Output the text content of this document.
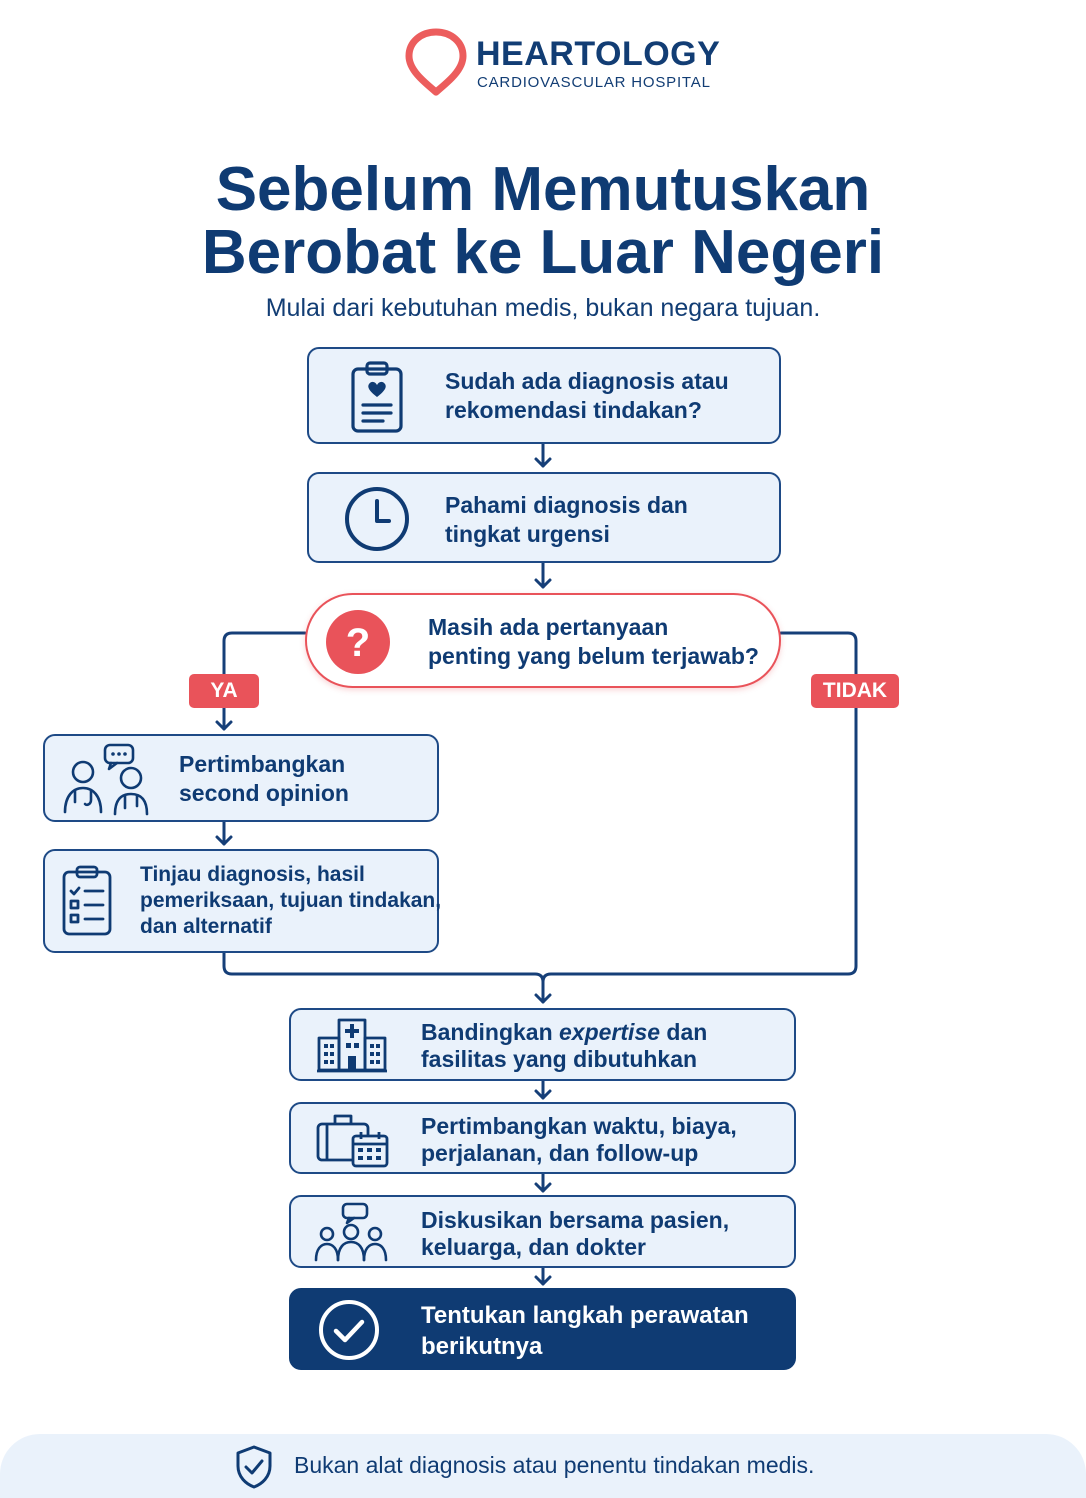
HEARTOLOGY
CARDIOVASCULAR HOSPITAL
Sebelum Memutuskan
Berobat ke Luar Negeri
Mulai dari kebutuhan medis, bukan negara tujuan.
Sudah ada diagnosis atau
rekomendasi tindakan?
Pahami diagnosis dan
tingkat urgensi
?	Masih ada pertanyaan
penting yang belum terjawab?
YA	TIDAK
Pertimbangkan
second opinion
Tinjau diagnosis, hasil
pemeriksaan, tujuan tindakan,
dan alternatif
Bandingkan expertise dan
fasilitas yang dibutuhkan
Pertimbangkan waktu, biaya,
perjalanan, dan follow-up
Diskusikan bersama pasien,
keluarga, dan dokter
Tentukan langkah perawatan
berikutnya
Bukan alat diagnosis atau penentu tindakan medis.
